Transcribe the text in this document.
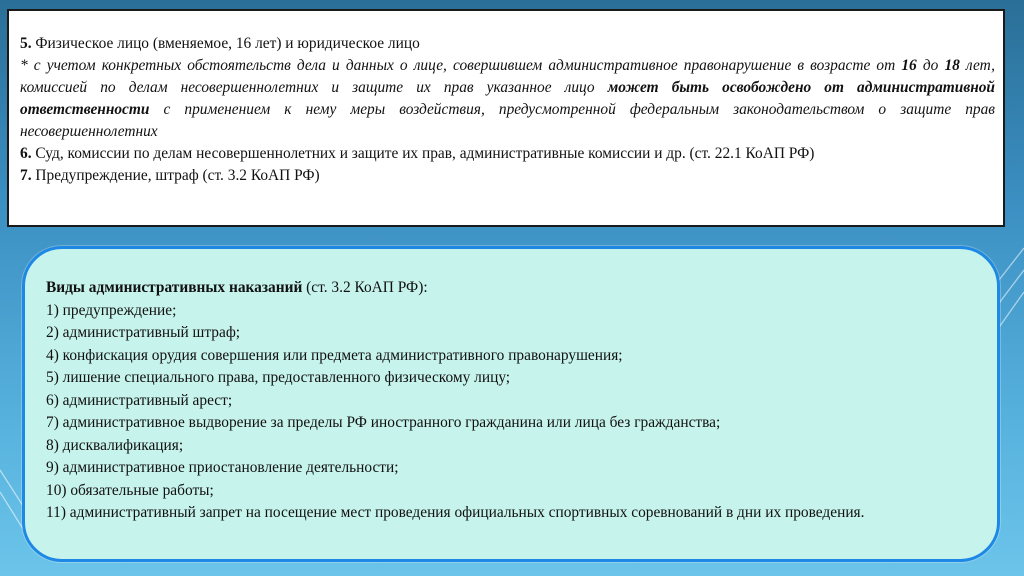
5. Физическое лицо (вменяемое, 16 лет) и юридическое лицо

* с учетом конкретных обстоятельств дела и данных о лице, совершившем административное правонарушение в возрасте от 16 до 18 лет, комиссией по делам несовершеннолетних и защите их прав указанное лицо может быть освобождено от административной ответственности с применением к нему меры воздействия, предусмотренной федеральным законодательством о защите прав несовершеннолетних

6. Суд, комиссии по делам несовершеннолетних и защите их прав, административные комиссии и др. (ст. 22.1 КоАП РФ)

7. Предупреждение, штраф (ст. 3.2 КоАП РФ)

Виды административных наказаний (ст. 3.2 КоАП РФ):

1) предупреждение;

2) административный штраф;

4) конфискация орудия совершения или предмета административного правонарушения;

5) лишение специального права, предоставленного физическому лицу;

6) административный арест;

7) административное выдворение за пределы РФ иностранного гражданина или лица без гражданства;

8) дисквалификация;

9) административное приостановление деятельности;

10) обязательные работы;

11) административный запрет на посещение мест проведения официальных спортивных соревнований в дни их проведения.
